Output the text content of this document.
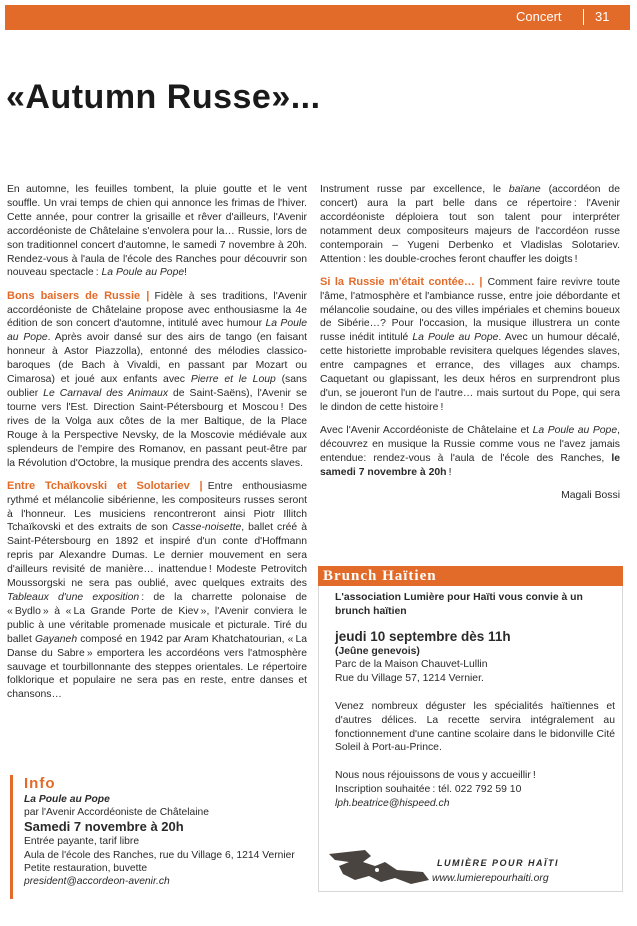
Concert	31
«Autumn Russe»...

En automne, les feuilles tombent, la pluie goutte et le vent souffle. Un vrai temps de chien qui annonce les frimas de l'hiver. Cette année, pour contrer la grisaille et rêver d'ailleurs, l'Avenir accordéoniste de Châtelaine s'envolera pour la… Russie, lors de son traditionnel concert d'automne, le samedi 7 novembre à 20h. Rendez-vous à l'aula de l'école des Ranches pour découvrir son nouveau spectacle : La Poule au Pope!

Bons baisers de Russie | Fidèle à ses traditions, l'Avenir accordéoniste de Châtelaine propose avec enthousiasme la 4e édition de son concert d'automne, intitulé avec humour La Poule au Pope. Après avoir dansé sur des airs de tango (en faisant honneur à Astor Piazzolla), entonné des mélodies classico-baroques (de Bach à Vivaldi, en passant par Mozart ou Cimarosa) et joué aux enfants avec Pierre et le Loup (sans oublier Le Carnaval des Animaux de Saint-Saëns), l'Avenir se tourne vers l'Est. Direction Saint-Pétersbourg et Moscou ! Des rives de la Volga aux côtes de la mer Baltique, de la Place Rouge à la Perspective Nevsky, de la Moscovie médiévale aux splendeurs de l'empire des Romanov, en passant peut-être par la Révolution d'Octobre, la musique prendra des accents slaves.

Entre Tchaïkovski et Solotariev | Entre enthousiasme rythmé et mélancolie sibérienne, les compositeurs russes seront à l'honneur. Les musiciens rencontreront ainsi Piotr Illitch Tchaïkovski et des extraits de son Casse-noisette, ballet créé à Saint-Pétersbourg en 1892 et inspiré d'un conte d'Hoffmann repris par Alexandre Dumas. Le dernier mouvement en sera d'ailleurs revisité de manière… inattendue ! Modeste Petrovitch Moussorgski ne sera pas oublié, avec quelques extraits des Tableaux d'une exposition : de la charrette polonaise de « Bydlo » à « La Grande Porte de Kiev », l'Avenir conviera le public à une véritable promenade musicale et picturale. Tiré du ballet Gayaneh composé en 1942 par Aram Khatchatourian, « La Danse du Sabre » emportera les accordéons vers l'atmosphère sauvage et tourbillonnante des steppes orientales. Le répertoire folklorique et populaire ne sera pas en reste, entre danses et chansons…

Instrument russe par excellence, le baïane (accordéon de concert) aura la part belle dans ce répertoire : l'Avenir accordéoniste déploiera tout son talent pour interpréter notamment deux compositeurs majeurs de l'accordéon russe contemporain – Yugeni Derbenko et Vladislas Solotariev. Attention : les double-croches feront chauffer les doigts !

Si la Russie m'était contée… | Comment faire revivre toute l'âme, l'atmosphère et l'ambiance russe, entre joie débordante et mélancolie soudaine, ou des villes impériales et chemins boueux de Sibérie…? Pour l'occasion, la musique illustrera un conte russe inédit intitulé La Poule au Pope. Avec un humour décalé, cette historiette improbable revisitera quelques légendes slaves, entre campagnes et errance, des villages aux champs. Caquetant ou glapissant, les deux héros en surprendront plus d'un, se joueront l'un de l'autre… mais surtout du Pope, qui sera le dindon de cette histoire !

Avec l'Avenir Accordéoniste de Châtelaine et La Poule au Pope, découvrez en musique la Russie comme vous ne l'avez jamais entendue: rendez-vous à l'aula de l'école des Ranches, le samedi 7 novembre à 20h !

Magali Bossi
Info
La Poule au Pope
par l'Avenir Accordéoniste de Châtelaine
Samedi 7 novembre à 20h
Entrée payante, tarif libre
Aula de l'école des Ranches, rue du Village 6, 1214 Vernier
Petite restauration, buvette
president@accordeon-avenir.ch
Brunch Haïtien
L'association Lumière pour Haïti vous convie à un brunch haïtien
jeudi 10 septembre dès 11h
(Jeûne genevois)
Parc de la Maison Chauvet-Lullin
Rue du Village 57, 1214 Vernier.
Venez nombreux déguster les spécialités haïtiennes et d'autres délices. La recette servira intégralement au fonctionnement d'une cantine scolaire dans le bidonville Cité Soleil à Port-au-Prince.
Nous nous réjouissons de vous y accueillir !
Inscription souhaitée : tél. 022 792 59 10
lph.beatrice@hispeed.ch
LUMIÈRE POUR HAÏTI
www.lumierepourhaiti.org
